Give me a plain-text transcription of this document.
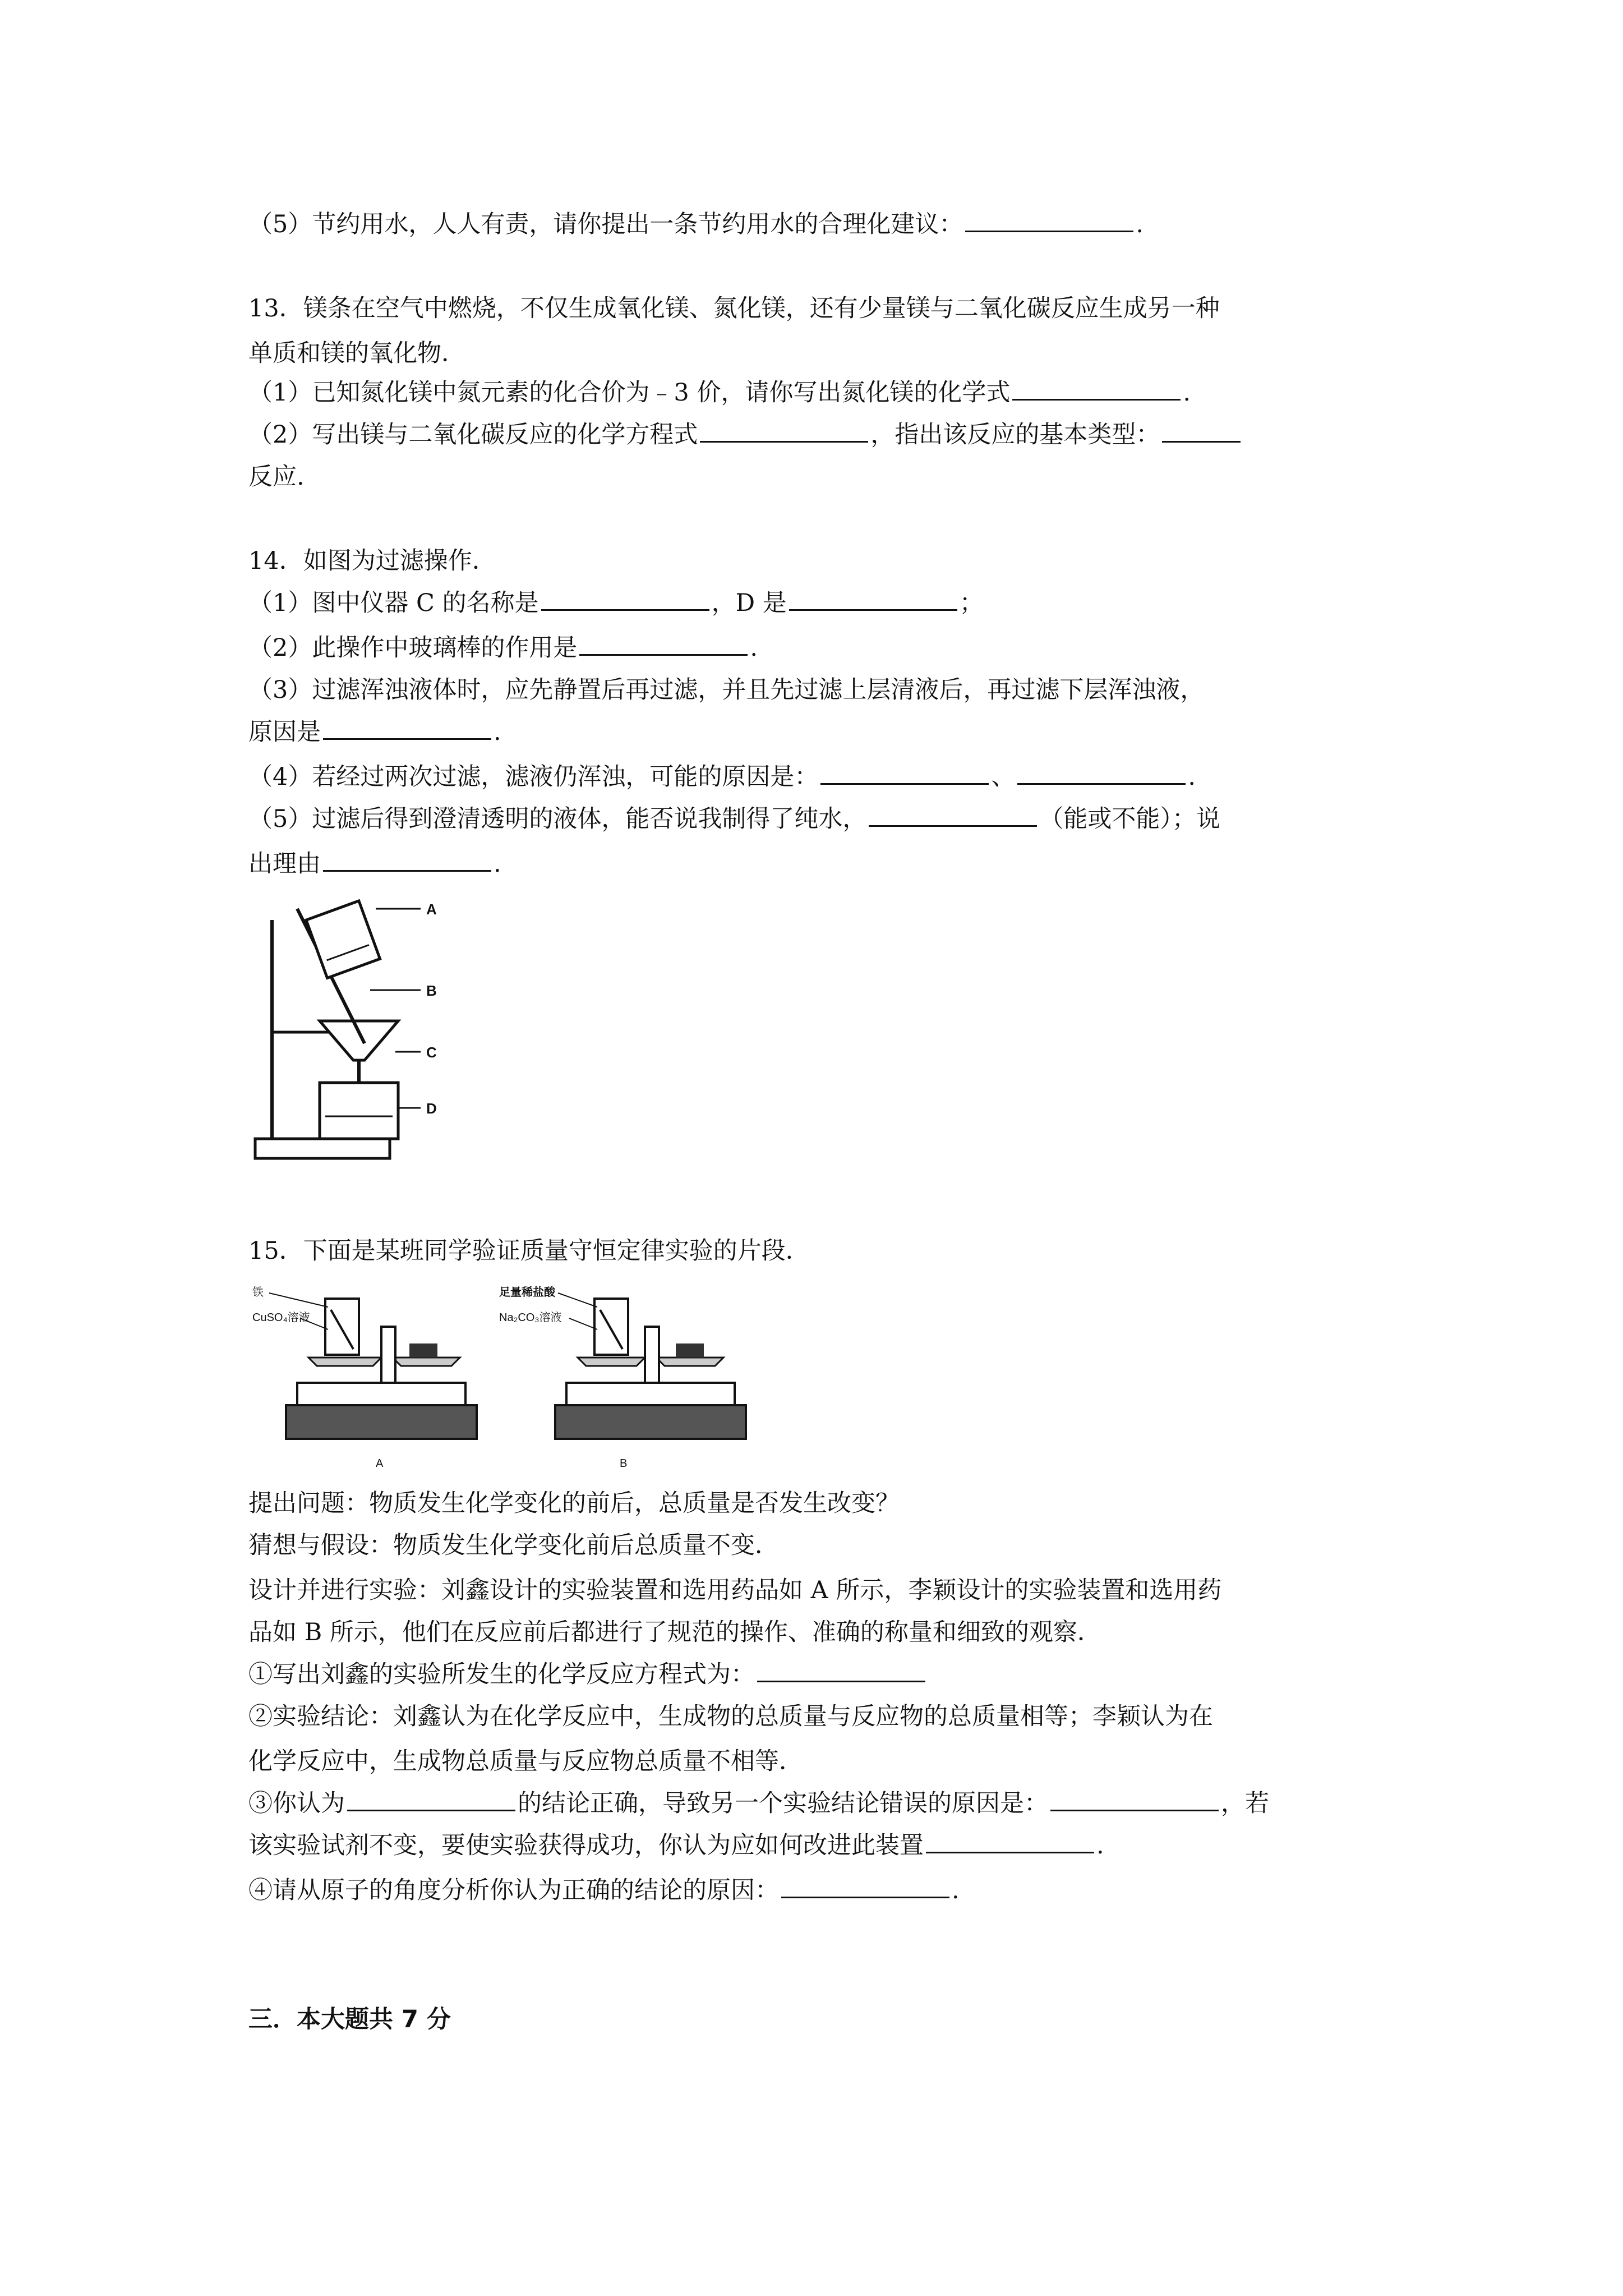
（5）节约用水，人人有责，请你提出一条节约用水的合理化建议：	.
13．镁条在空气中燃烧，不仅生成氧化镁、氮化镁，还有少量镁与二氧化碳反应生成另一种
单质和镁的氧化物．
（1）已知氮化镁中氮元素的化合价为﹣3 价，请你写出氮化镁的化学式	.
（2）写出镁与二氧化碳反应的化学方程式	，指出该反应的基本类型：
反应.
14．如图为过滤操作．
（1）图中仪器 C 的名称是	，D 是	；
（2）此操作中玻璃棒的作用是	.
（3）过滤浑浊液体时，应先静置后再过滤，并且先过滤上层清液后，再过滤下层浑浊液，
原因是	.
（4）若经过两次过滤，滤液仍浑浊，可能的原因是：	、	.
（5）过滤后得到澄清透明的液体，能否说我制得了纯水，	（能或不能）；说
出理由	.
A
B
C
D
15．下面是某班同学验证质量守恒定律实验的片段．
铁
CuSO₄溶液
A
足量稀盐酸
Na₂CO₃溶液
B
提出问题：物质发生化学变化的前后，总质量是否发生改变？
猜想与假设：物质发生化学变化前后总质量不变．
设计并进行实验：刘鑫设计的实验装置和选用药品如 A 所示，李颖设计的实验装置和选用药
品如 B 所示，他们在反应前后都进行了规范的操作、准确的称量和细致的观察．
①写出刘鑫的实验所发生的化学反应方程式为：
②实验结论：刘鑫认为在化学反应中，生成物的总质量与反应物的总质量相等；李颖认为在
化学反应中，生成物总质量与反应物总质量不相等．
③你认为	的结论正确，导致另一个实验结论错误的原因是：	，若
该实验试剂不变，要使实验获得成功，你认为应如何改进此装置	.
④请从原子的角度分析你认为正确的结论的原因：	.
三．本大题共 7 分
